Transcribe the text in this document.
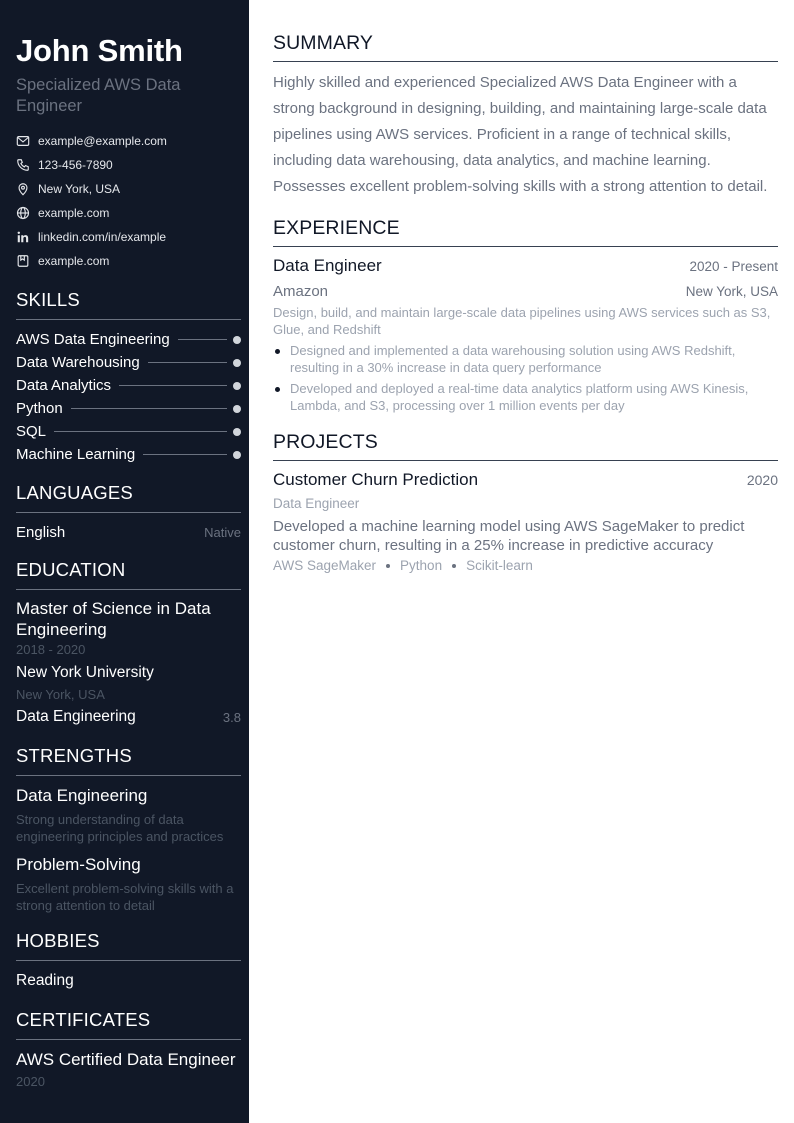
John Smith
Specialized AWS Data Engineer
example@example.com
123-456-7890
New York, USA
example.com
linkedin.com/in/example
example.com
SKILLS
AWS Data Engineering
Data Warehousing
Data Analytics
Python
SQL
Machine Learning
LANGUAGES
English	Native
EDUCATION
Master of Science in Data Engineering
2018 - 2020
New York University
New York, USA
Data Engineering	3.8
STRENGTHS
Data Engineering
Strong understanding of data engineering principles and practices
Problem-Solving
Excellent problem-solving skills with a strong attention to detail
HOBBIES
Reading
CERTIFICATES
AWS Certified Data Engineer
2020
SUMMARY

Highly skilled and experienced Specialized AWS Data Engineer with a strong background in designing, building, and maintaining large-scale data pipelines using AWS services. Proficient in a range of technical skills, including data warehousing, data analytics, and machine learning. Possesses excellent problem-solving skills with a strong attention to detail.

EXPERIENCE
Data Engineer	2020 - Present
Amazon	New York, USA
Design, build, and maintain large-scale data pipelines using AWS services such as S3, Glue, and Redshift
Designed and implemented a data warehousing solution using AWS Redshift, resulting in a 30% increase in data query performance
Developed and deployed a real-time data analytics platform using AWS Kinesis, Lambda, and S3, processing over 1 million events per day
PROJECTS
Customer Churn Prediction	2020
Data Engineer
Developed a machine learning model using AWS SageMaker to predict customer churn, resulting in a 25% increase in predictive accuracy
AWS SageMaker Python Scikit-learn
